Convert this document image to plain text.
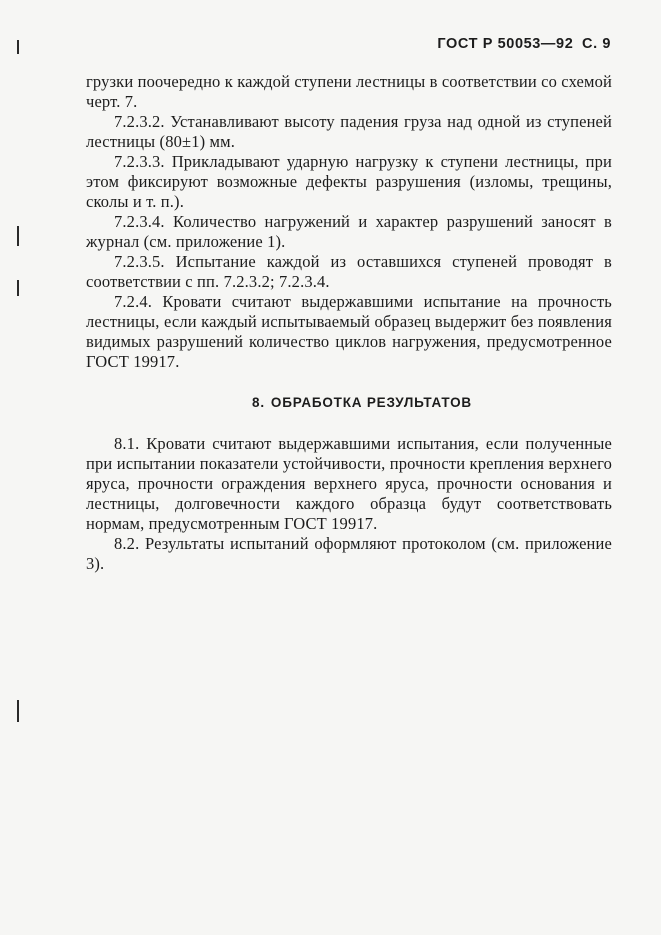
ГОСТ Р 50053—92 С. 9

грузки поочередно к каждой ступени лестницы в соответствии со схемой черт. 7.

7.2.3.2. Устанавливают высоту падения груза над одной из ступеней лестницы (80±1) мм.

7.2.3.3. Прикладывают ударную нагрузку к ступени лестницы, при этом фиксируют возможные дефекты разрушения (изломы, трещины, сколы и т. п.).

7.2.3.4. Количество нагружений и характер разрушений заносят в журнал (см. приложение 1).

7.2.3.5. Испытание каждой из оставшихся ступеней проводят в соответствии с пп. 7.2.3.2; 7.2.3.4.

7.2.4. Кровати считают выдержавшими испытание на прочность лестницы, если каждый испытываемый образец выдержит без появления видимых разрушений количество циклов нагружения, предусмотренное ГОСТ 19917.

8. ОБРАБОТКА РЕЗУЛЬТАТОВ

8.1. Кровати считают выдержавшими испытания, если полученные при испытании показатели устойчивости, прочности крепления верхнего яруса, прочности ограждения верхнего яруса, прочности основания и лестницы, долговечности каждого образца будут соответствовать нормам, предусмотренным ГОСТ 19917.

8.2. Результаты испытаний оформляют протоколом (см. приложение 3).
